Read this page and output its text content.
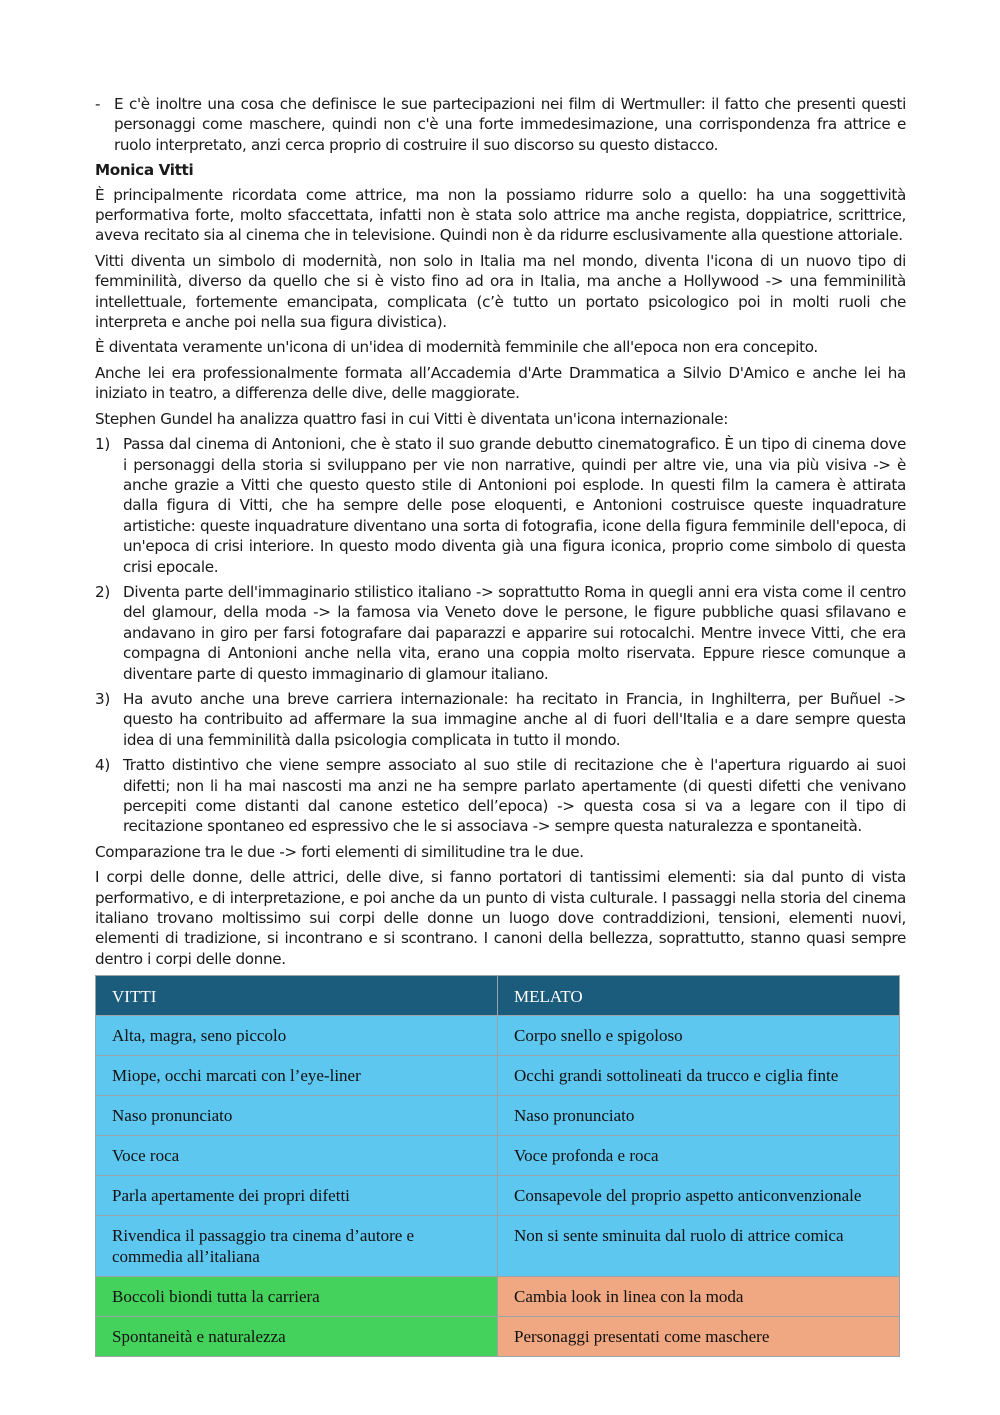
- E c'è inoltre una cosa che definisce le sue partecipazioni nei film di Wertmuller: il fatto che presenti questi personaggi come maschere, quindi non c'è una forte immedesimazione, una corrispondenza fra attrice e ruolo interpretato, anzi cerca proprio di costruire il suo discorso su questo distacco.
Monica Vitti

È principalmente ricordata come attrice, ma non la possiamo ridurre solo a quello: ha una soggettività performativa forte, molto sfaccettata, infatti non è stata solo attrice ma anche regista, doppiatrice, scrittrice, aveva recitato sia al cinema che in televisione. Quindi non è da ridurre esclusivamente alla questione attoriale.

Vitti diventa un simbolo di modernità, non solo in Italia ma nel mondo, diventa l'icona di un nuovo tipo di femminilità, diverso da quello che si è visto fino ad ora in Italia, ma anche a Hollywood -> una femminilità intellettuale, fortemente emancipata, complicata (c’è tutto un portato psicologico poi in molti ruoli che interpreta e anche poi nella sua figura divistica).

È diventata veramente un'icona di un'idea di modernità femminile che all'epoca non era concepito.

Anche lei era professionalmente formata all’Accademia d'Arte Drammatica a Silvio D'Amico e anche lei ha iniziato in teatro, a differenza delle dive, delle maggiorate.

Stephen Gundel ha analizza quattro fasi in cui Vitti è diventata un'icona internazionale:

1) Passa dal cinema di Antonioni, che è stato il suo grande debutto cinematografico. È un tipo di cinema dove i personaggi della storia si sviluppano per vie non narrative, quindi per altre vie, una via più visiva -> è anche grazie a Vitti che questo questo stile di Antonioni poi esplode. In questi film la camera è attirata dalla figura di Vitti, che ha sempre delle pose eloquenti, e Antonioni costruisce queste inquadrature artistiche: queste inquadrature diventano una sorta di fotografia, icone della figura femminile dell'epoca, di un'epoca di crisi interiore. In questo modo diventa già una figura iconica, proprio come simbolo di questa crisi epocale.
2) Diventa parte dell'immaginario stilistico italiano -> soprattutto Roma in quegli anni era vista come il centro del glamour, della moda -> la famosa via Veneto dove le persone, le figure pubbliche quasi sfilavano e andavano in giro per farsi fotografare dai paparazzi e apparire sui rotocalchi. Mentre invece Vitti, che era compagna di Antonioni anche nella vita, erano una coppia molto riservata. Eppure riesce comunque a diventare parte di questo immaginario di glamour italiano.
3) Ha avuto anche una breve carriera internazionale: ha recitato in Francia, in Inghilterra, per Buñuel -> questo ha contribuito ad affermare la sua immagine anche al di fuori dell'Italia e a dare sempre questa idea di una femminilità dalla psicologia complicata in tutto il mondo.
4) Tratto distintivo che viene sempre associato al suo stile di recitazione che è l'apertura riguardo ai suoi difetti; non li ha mai nascosti ma anzi ne ha sempre parlato apertamente (di questi difetti che venivano percepiti come distanti dal canone estetico dell’epoca) -> questa cosa si va a legare con il tipo di recitazione spontaneo ed espressivo che le si associava -> sempre questa naturalezza e spontaneità.

Comparazione tra le due -> forti elementi di similitudine tra le due.

I corpi delle donne, delle attrici, delle dive, si fanno portatori di tantissimi elementi: sia dal punto di vista performativo, e di interpretazione, e poi anche da un punto di vista culturale. I passaggi nella storia del cinema italiano trovano moltissimo sui corpi delle donne un luogo dove contraddizioni, tensioni, elementi nuovi, elementi di tradizione, si incontrano e si scontrano. I canoni della bellezza, soprattutto, stanno quasi sempre dentro i corpi delle donne.

VITTI	MELATO
Alta, magra, seno piccolo	Corpo snello e spigoloso
Miope, occhi marcati con l’eye-liner	Occhi grandi sottolineati da trucco e ciglia finte
Naso pronunciato	Naso pronunciato
Voce roca	Voce profonda e roca
Parla apertamente dei propri difetti	Consapevole del proprio aspetto anticonvenzionale
Rivendica il passaggio tra cinema d’autore e commedia all’italiana	Non si sente sminuita dal ruolo di attrice comica
Boccoli biondi tutta la carriera	Cambia look in linea con la moda
Spontaneità e naturalezza	Personaggi presentati come maschere
